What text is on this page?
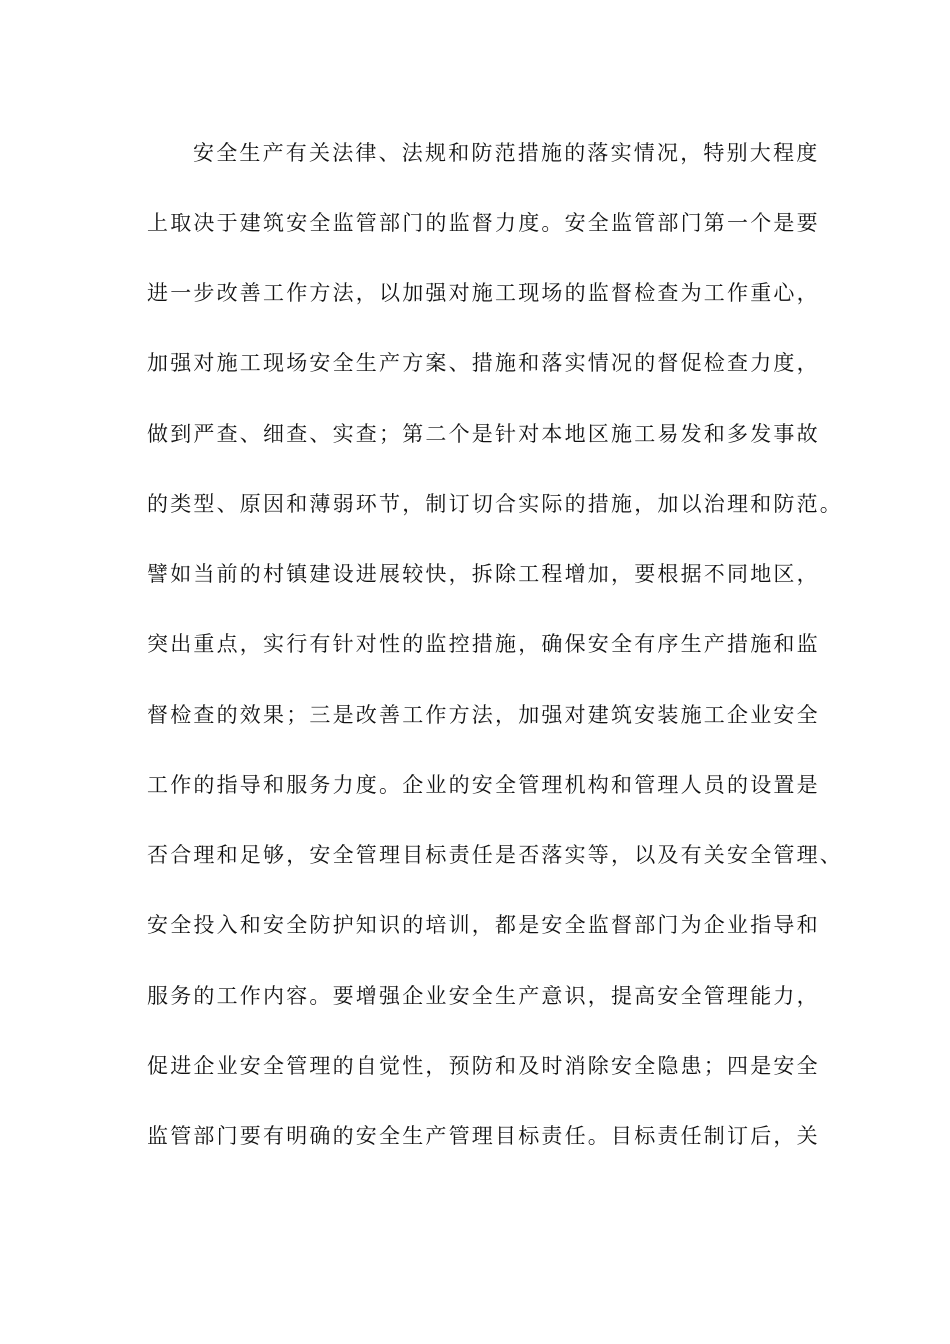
安全生产有关法律、法规和防范措施的落实情况，特别大程度
上取决于建筑安全监管部门的监督力度。安全监管部门第一个是要
进一步改善工作方法，以加强对施工现场的监督检查为工作重心，
加强对施工现场安全生产方案、措施和落实情况的督促检查力度，
做到严查、细查、实查；第二个是针对本地区施工易发和多发事故
的类型、原因和薄弱环节，制订切合实际的措施，加以治理和防范。
譬如当前的村镇建设进展较快，拆除工程增加，要根据不同地区，
突出重点，实行有针对性的监控措施，确保安全有序生产措施和监
督检查的效果；三是改善工作方法，加强对建筑安装施工企业安全
工作的指导和服务力度。企业的安全管理机构和管理人员的设置是
否合理和足够，安全管理目标责任是否落实等，以及有关安全管理、
安全投入和安全防护知识的培训，都是安全监督部门为企业指导和
服务的工作内容。要增强企业安全生产意识，提高安全管理能力，
促进企业安全管理的自觉性，预防和及时消除安全隐患；四是安全
监管部门要有明确的安全生产管理目标责任。目标责任制订后，关
